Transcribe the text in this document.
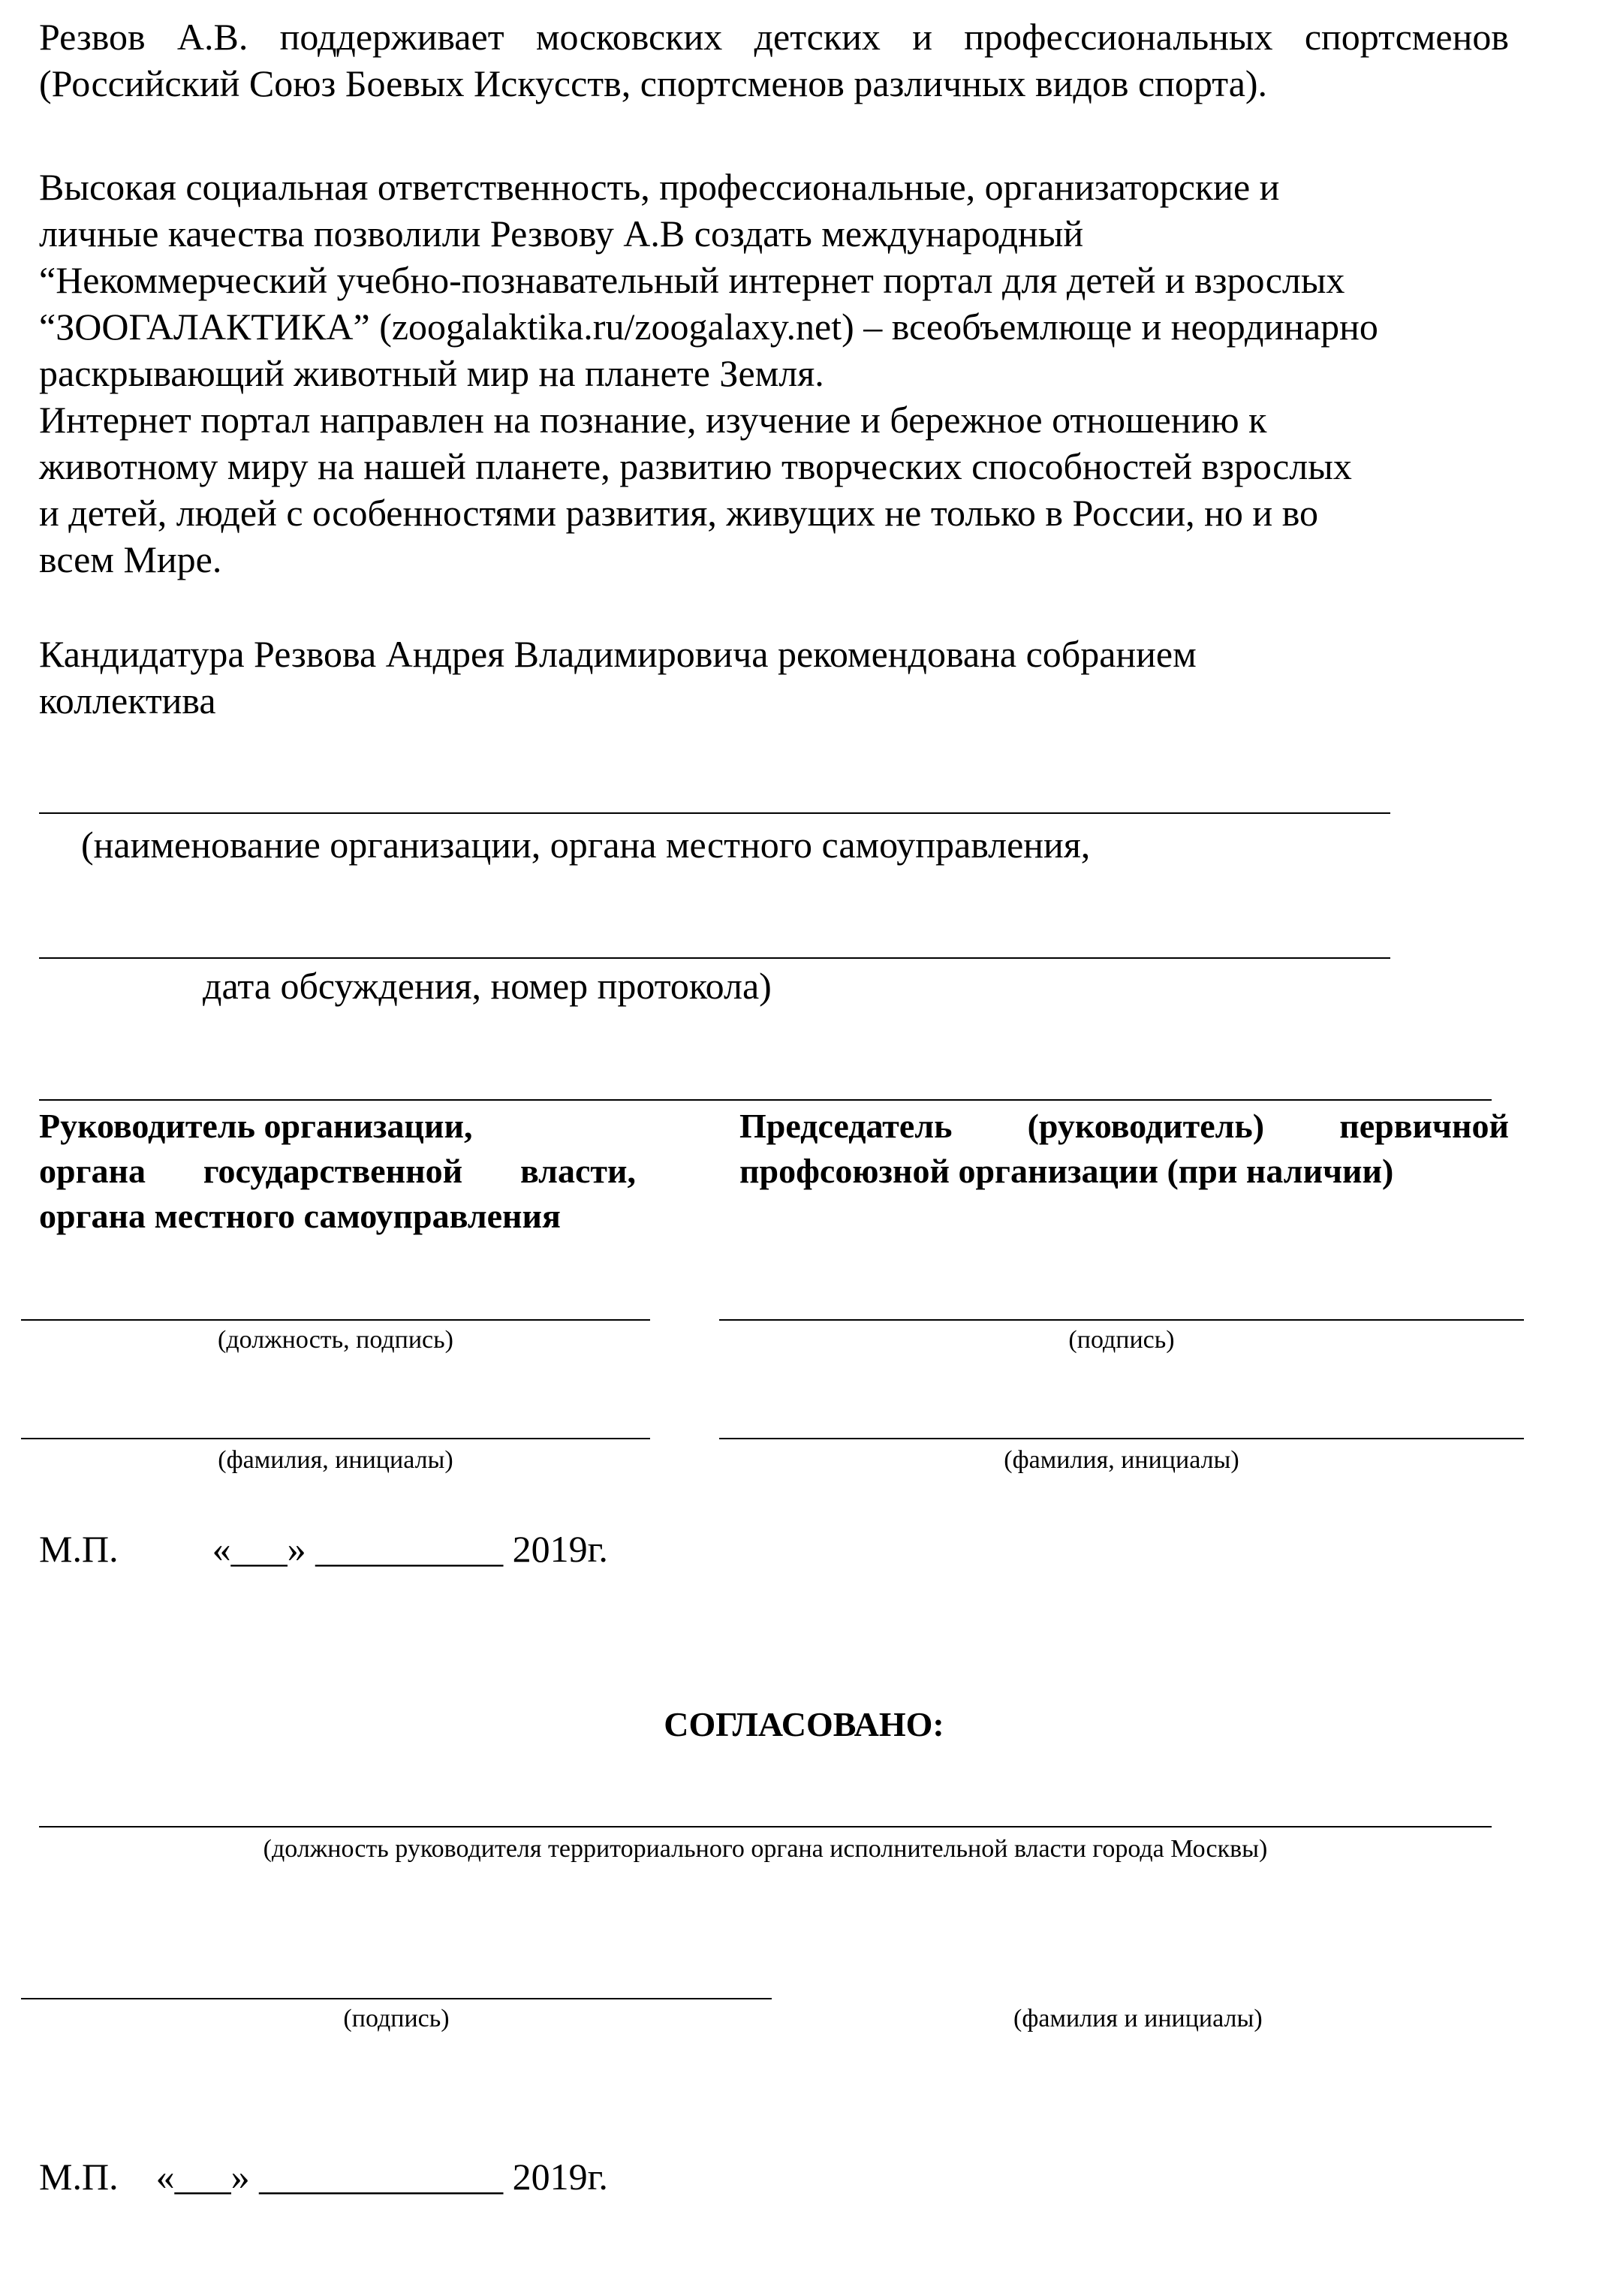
Резвов А.В. поддерживает московских детских и профессиональных спортсменов
(Российский Союз Боевых Искусств, спортсменов различных видов спорта).
Высокая социальная ответственность, профессиональные, организаторские и
личные качества позволили Резвову А.В создать международный
“Некоммерческий учебно-познавательный интернет портал для детей и взрослых
“ЗООГАЛАКТИКА” (zoogalaktika.ru/zoogalaxy.net) – всеобъемлюще и неординарно
раскрывающий животный мир на планете Земля.
Интернет портал направлен на познание, изучение и бережное отношению к
животному миру на нашей планете, развитию творческих способностей взрослых
и детей, людей с особенностями развития, живущих не только в России, но и во
всем Мире.
Кандидатура Резвова Андрея Владимировича рекомендована собранием
коллектива
(наименование организации, органа местного самоуправления,
дата обсуждения, номер протокола)
Руководитель организации,
органа государственной власти,
органа местного самоуправления
Председатель (руководитель) первичной
профсоюзной организации (при наличии)
(должность, подпись)	(подпись)
(фамилия, инициалы)	(фамилия, инициалы)
М.П.          «___» __________ 2019г.
СОГЛАСОВАНО:
(должность руководителя территориального органа исполнительной власти города Москвы)
(подпись)	(фамилия и инициалы)
М.П.    «___» _____________ 2019г.
